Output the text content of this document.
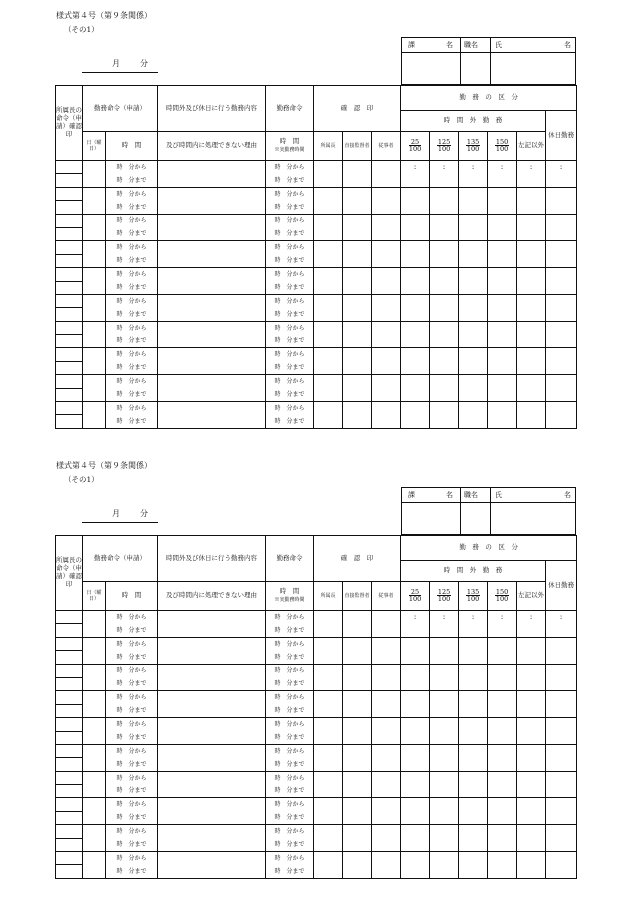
様式第４号（第９条関係）
（その1）
月	分
課	名 職名 氏	名
所属長の命令（申請）確認印	勤務命令（申請）		時間外及び休日に行う勤務内容	勤務命令	確　認　印			勤　務　の　区　分					
								時　間　外　勤　務					休日勤務
	日（曜日）	時　間	及び時間内に処理できない理由	時　間
※実勤務時間	所属長	直接監督者	従事者	$\frac{25}{100}$	$\frac{125}{100}$	$\frac{135}{100}$	$\frac{150}{100}$	左記以外	
		時　分から		時　分から				:	:	:	:	:	:
		時　分まで		時　分まで									
		時　分から		時　分から									
		時　分まで		時　分まで									
		時　分から		時　分から									
		時　分まで		時　分まで									
		時　分から		時　分から									
		時　分まで		時　分まで									
		時　分から		時　分から									
		時　分まで		時　分まで									
		時　分から		時　分から									
		時　分まで		時　分まで									
		時　分から		時　分から									
		時　分まで		時　分まで									
		時　分から		時　分から									
		時　分まで		時　分まで									
		時　分から		時　分から									
		時　分まで		時　分まで									
		時　分から		時　分から									
		時　分まで		時　分まで									
様式第４号（第９条関係）
（その1）
月	分
課	名 職名 氏	名
所属長の命令（申請）確認印	勤務命令（申請）		時間外及び休日に行う勤務内容	勤務命令	確　認　印			勤　務　の　区　分					
								時　間　外　勤　務					休日勤務
	日（曜日）	時　間	及び時間内に処理できない理由	時　間
※実勤務時間	所属長	直接監督者	従事者	$\frac{25}{100}$	$\frac{125}{100}$	$\frac{135}{100}$	$\frac{150}{100}$	左記以外	
		時　分から		時　分から				:	:	:	:	:	:
		時　分まで		時　分まで									
		時　分から		時　分から									
		時　分まで		時　分まで									
		時　分から		時　分から									
		時　分まで		時　分まで									
		時　分から		時　分から									
		時　分まで		時　分まで									
		時　分から		時　分から									
		時　分まで		時　分まで									
		時　分から		時　分から									
		時　分まで		時　分まで									
		時　分から		時　分から									
		時　分まで		時　分まで									
		時　分から		時　分から									
		時　分まで		時　分まで									
		時　分から		時　分から									
		時　分まで		時　分まで									
		時　分から		時　分から									
		時　分まで		時　分まで									
